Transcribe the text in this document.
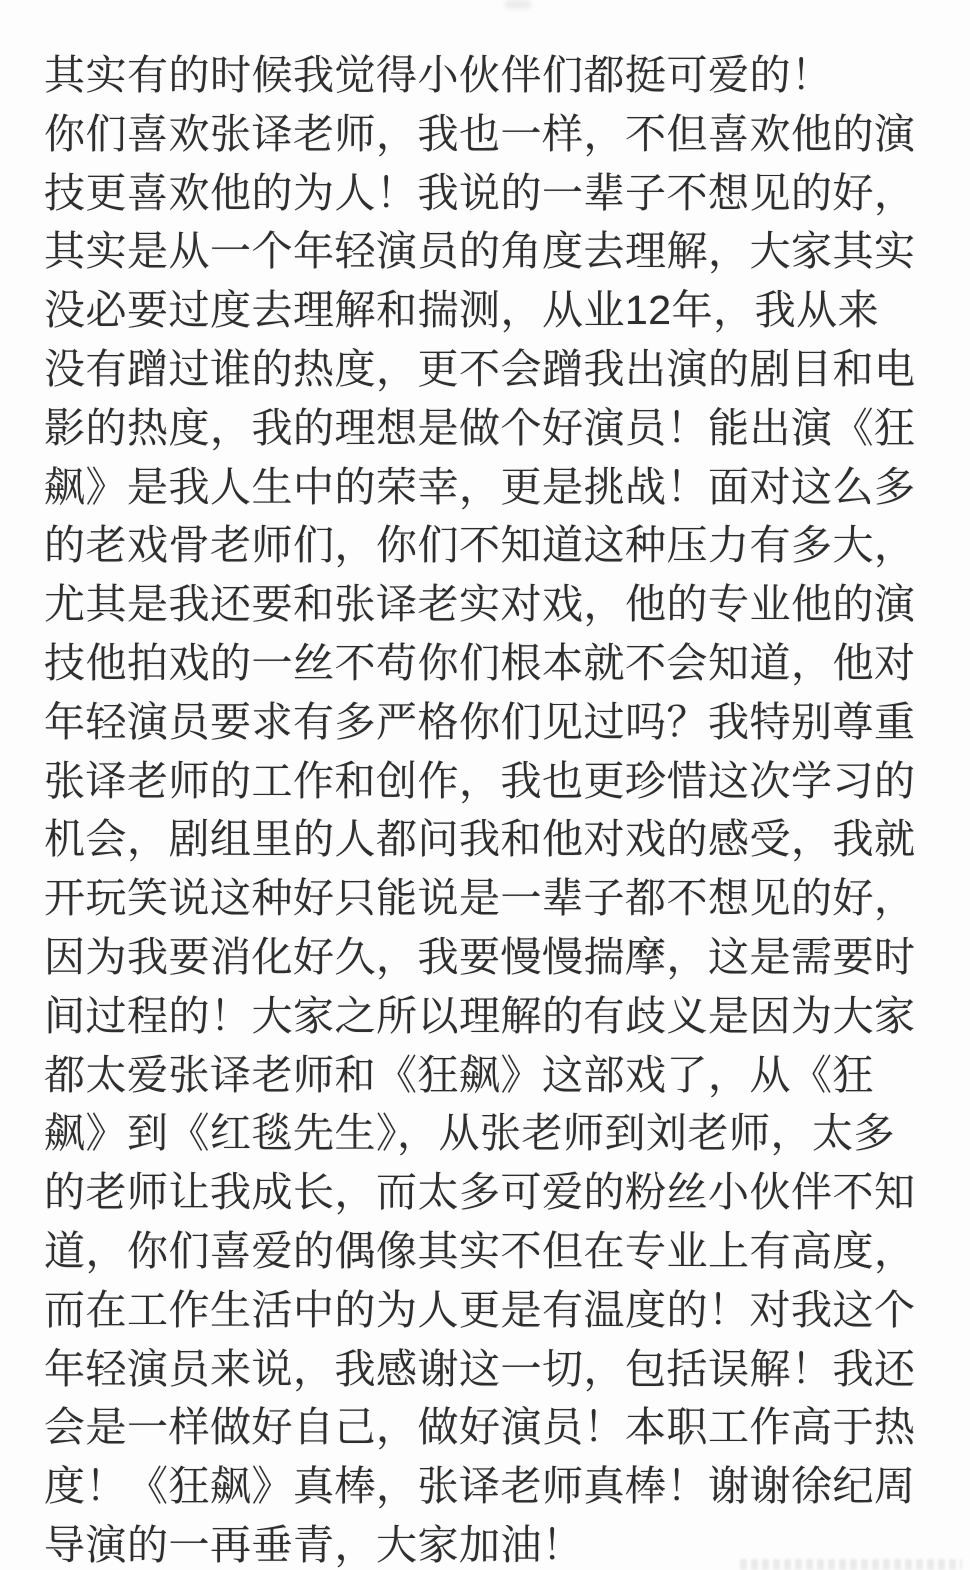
其实有的时候我觉得小伙伴们都挺可爱的！
你们喜欢张译老师，我也一样，不但喜欢他的演
技更喜欢他的为人！我说的一辈子不想见的好，
其实是从一个年轻演员的角度去理解，大家其实
没必要过度去理解和揣测，从业12年，我从来
没有蹭过谁的热度，更不会蹭我出演的剧目和电
影的热度，我的理想是做个好演员！能出演《狂
飙》是我人生中的荣幸，更是挑战！面对这么多
的老戏骨老师们，你们不知道这种压力有多大，
尤其是我还要和张译老实对戏，他的专业他的演
技他拍戏的一丝不苟你们根本就不会知道，他对
年轻演员要求有多严格你们见过吗？我特别尊重
张译老师的工作和创作，我也更珍惜这次学习的
机会，剧组里的人都问我和他对戏的感受，我就
开玩笑说这种好只能说是一辈子都不想见的好，
因为我要消化好久，我要慢慢揣摩，这是需要时
间过程的！大家之所以理解的有歧义是因为大家
都太爱张译老师和《狂飙》这部戏了，从《狂
飙》到《红毯先生》，从张老师到刘老师，太多
的老师让我成长，而太多可爱的粉丝小伙伴不知
道，你们喜爱的偶像其实不但在专业上有高度，
而在工作生活中的为人更是有温度的！对我这个
年轻演员来说，我感谢这一切，包括误解！我还
会是一样做好自己，做好演员！本职工作高于热
度！《狂飙》真棒，张译老师真棒！谢谢徐纪周
导演的一再垂青，大家加油！
